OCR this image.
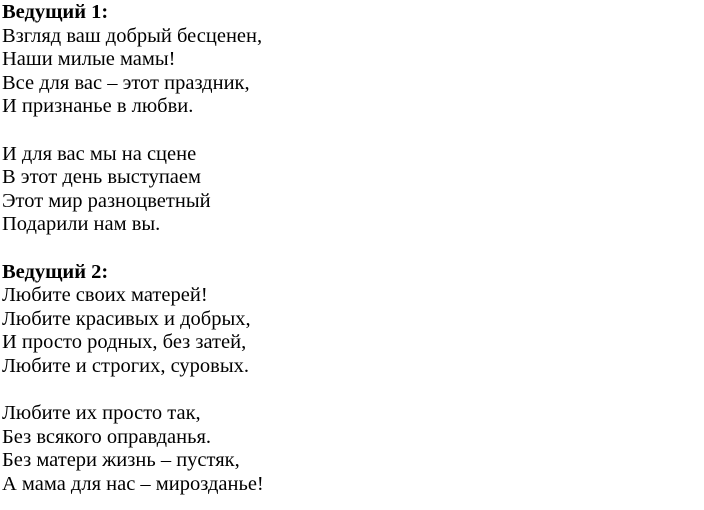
Ведущий 1:
Взгляд ваш добрый бесценен,
Наши милые мамы!
Все для вас – этот праздник,
И признанье в любви.
И для вас мы на сцене
В этот день выступаем
Этот мир разноцветный
Подарили нам вы.
Ведущий 2:
Любите своих матерей!
Любите красивых и добрых,
И просто родных, без затей,
Любите и строгих, суровых.
Любите их просто так,
Без всякого оправданья.
Без матери жизнь – пустяк,
А мама для нас – мирозданье!
